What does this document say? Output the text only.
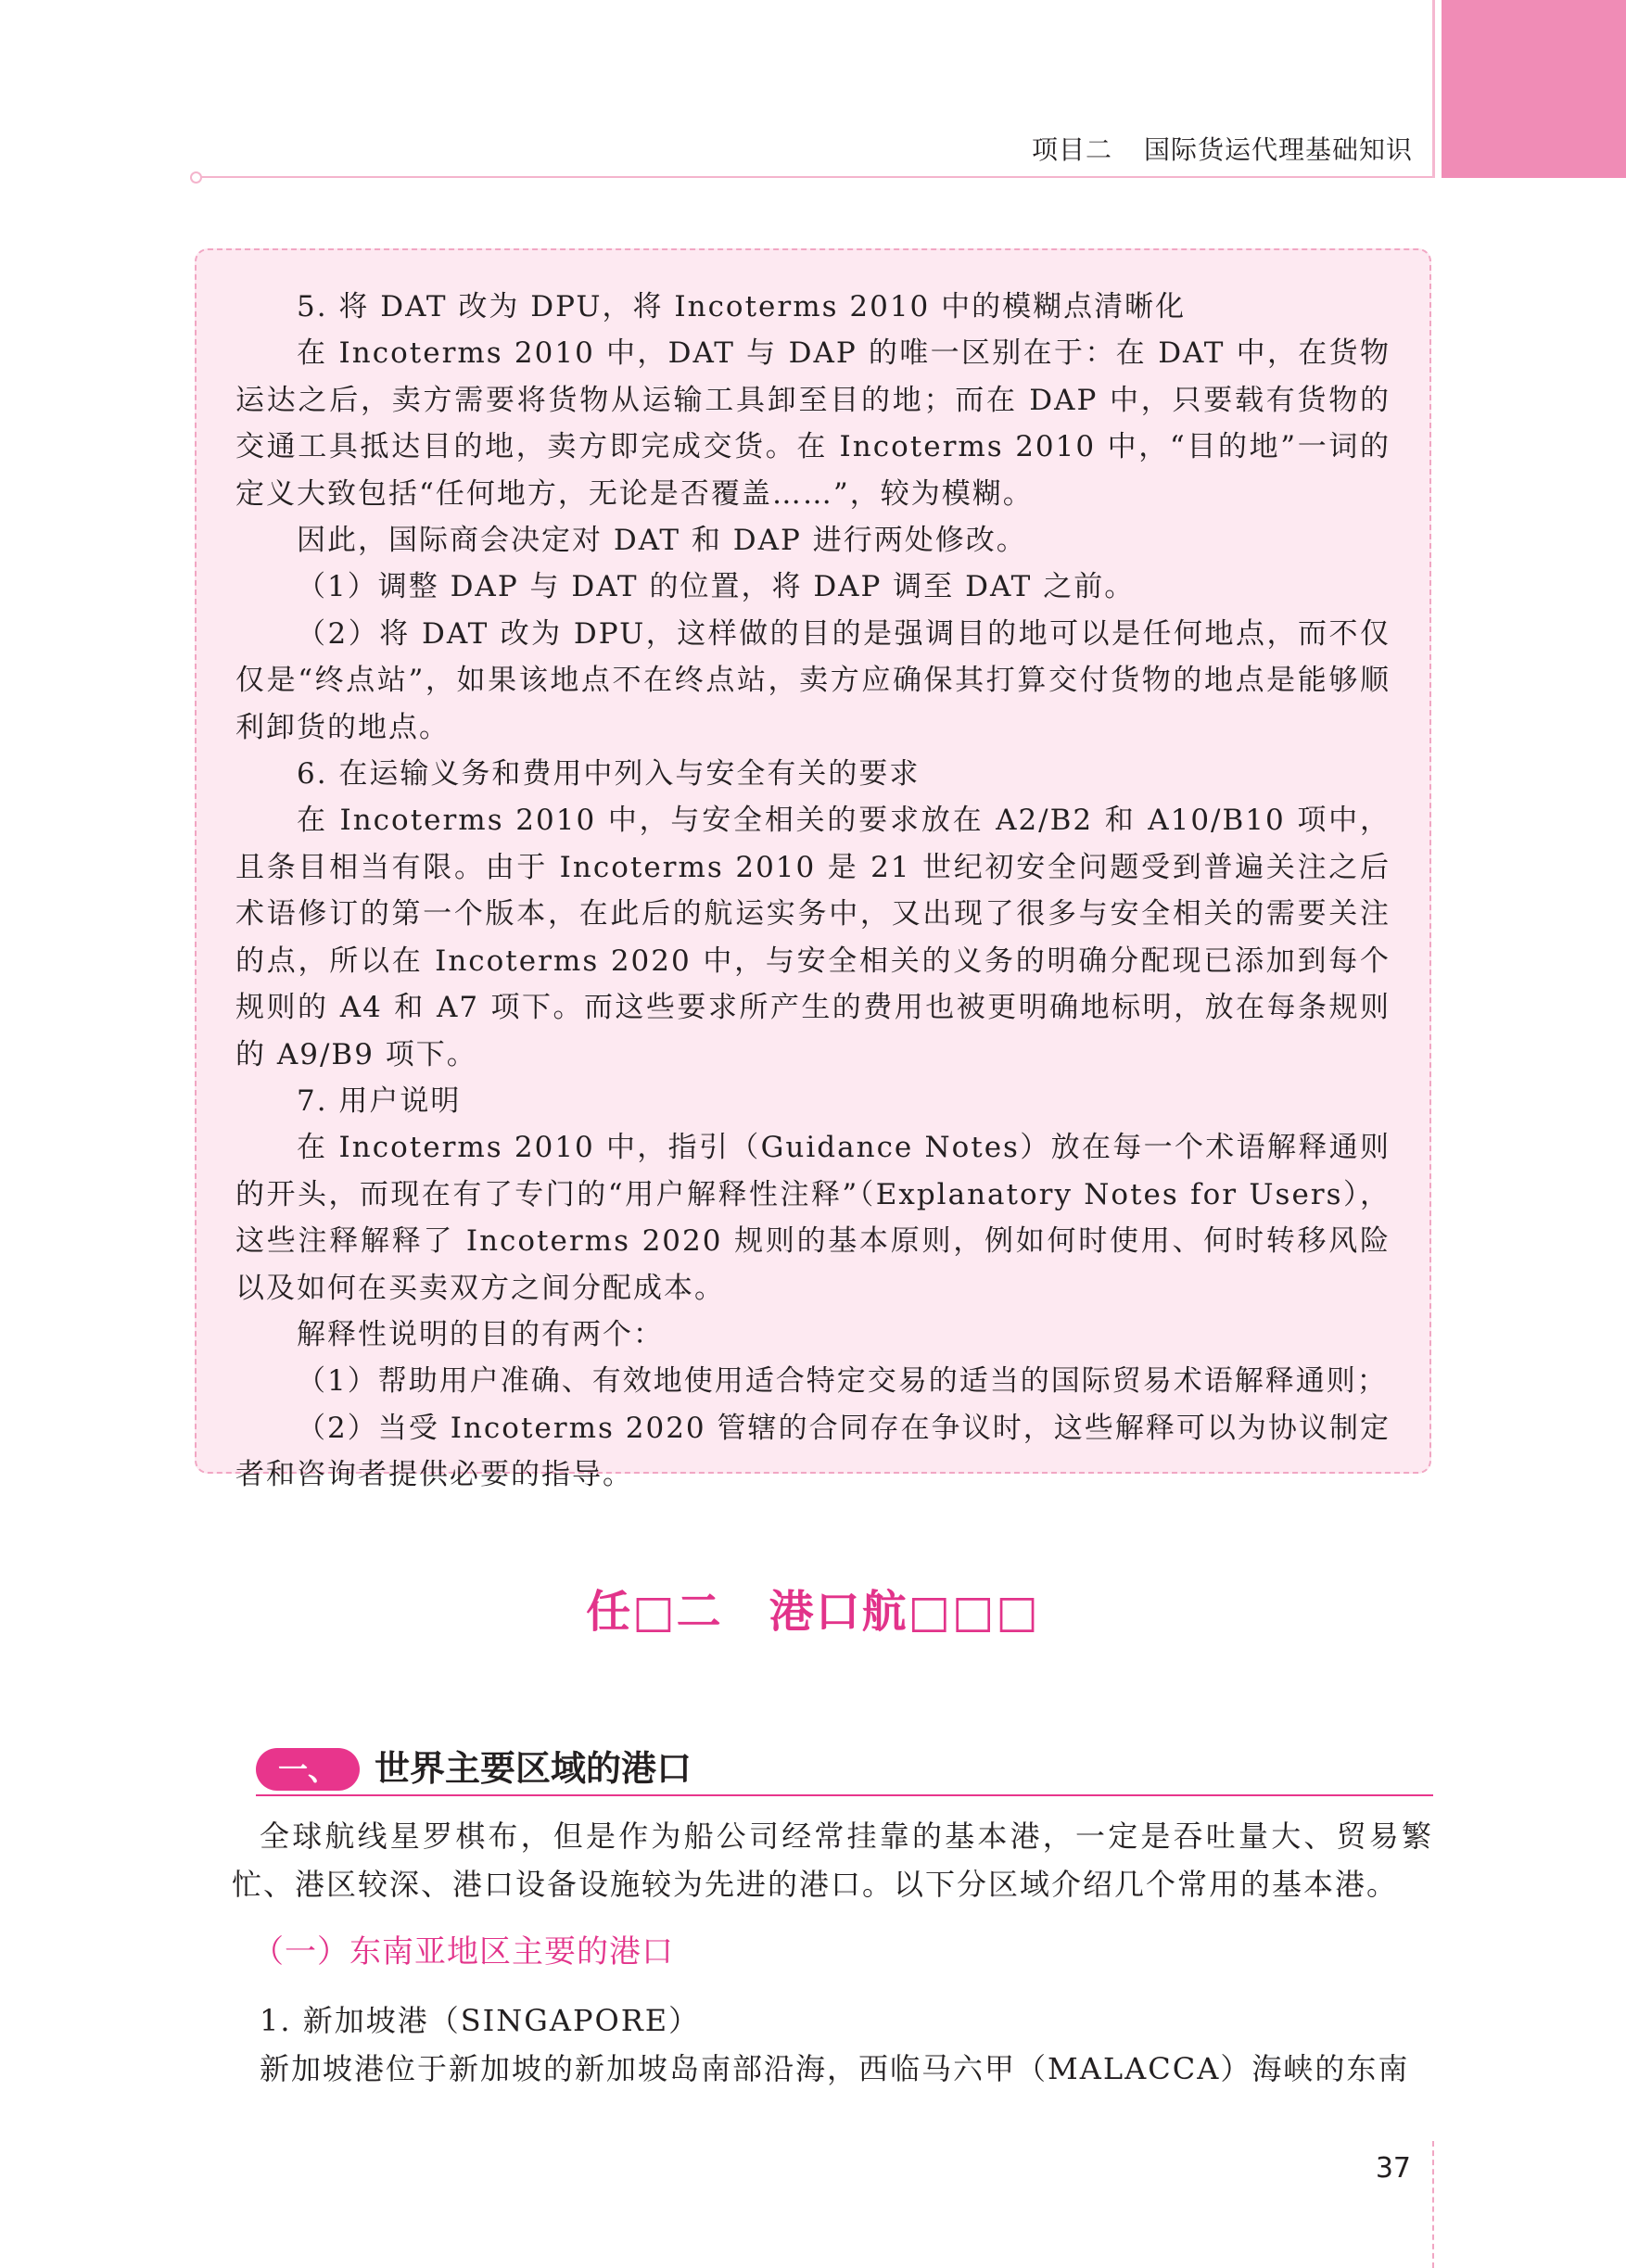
项目二 国际货运代理基础知识

5. 将 DAT 改为 DPU，将 Incoterms 2010 中的模糊点清晰化

在 Incoterms 2010 中，DAT 与 DAP 的唯一区别在于：在 DAT 中，在货物运达之后，卖方需要将货物从运输工具卸至目的地；而在 DAP 中，只要载有货物的交通工具抵达目的地，卖方即完成交货。在 Incoterms 2010 中，“目的地”一词的定义大致包括“任何地方，无论是否覆盖……”，较为模糊。

因此，国际商会决定对 DAT 和 DAP 进行两处修改。

（1）调整 DAP 与 DAT 的位置，将 DAP 调至 DAT 之前。

（2）将 DAT 改为 DPU，这样做的目的是强调目的地可以是任何地点，而不仅仅是“终点站”，如果该地点不在终点站，卖方应确保其打算交付货物的地点是能够顺利卸货的地点。

6. 在运输义务和费用中列入与安全有关的要求

在 Incoterms 2010 中，与安全相关的要求放在 A2/B2 和 A10/B10 项中，且条目相当有限。由于 Incoterms 2010 是 21 世纪初安全问题受到普遍关注之后术语修订的第一个版本，在此后的航运实务中，又出现了很多与安全相关的需要关注的点，所以在 Incoterms 2020 中，与安全相关的义务的明确分配现已添加到每个规则的 A4 和 A7 项下。而这些要求所产生的费用也被更明确地标明，放在每条规则的 A9/B9 项下。

7. 用户说明

在 Incoterms 2010 中，指引（Guidance Notes）放在每一个术语解释通则的开头，而现在有了专门的“用户解释性注释”（Explanatory Notes for Users），这些注释解释了 Incoterms 2020 规则的基本原则，例如何时使用、何时转移风险以及如何在买卖双方之间分配成本。

解释性说明的目的有两个：

（1）帮助用户准确、有效地使用适合特定交易的适当的国际贸易术语解释通则；

（2）当受 Incoterms 2020 管辖的合同存在争议时，这些解释可以为协议制定者和咨询者提供必要的指导。

任□二　港口航□□□
一、	世界主要区域的港口

全球航线星罗棋布，但是作为船公司经常挂靠的基本港，一定是吞吐量大、贸易繁忙、港区较深、港口设备设施较为先进的港口。以下分区域介绍几个常用的基本港。

（一）东南亚地区主要的港口

1. 新加坡港（SINGAPORE）

新加坡港位于新加坡的新加坡岛南部沿海，西临马六甲（MALACCA）海峡的东南

37
